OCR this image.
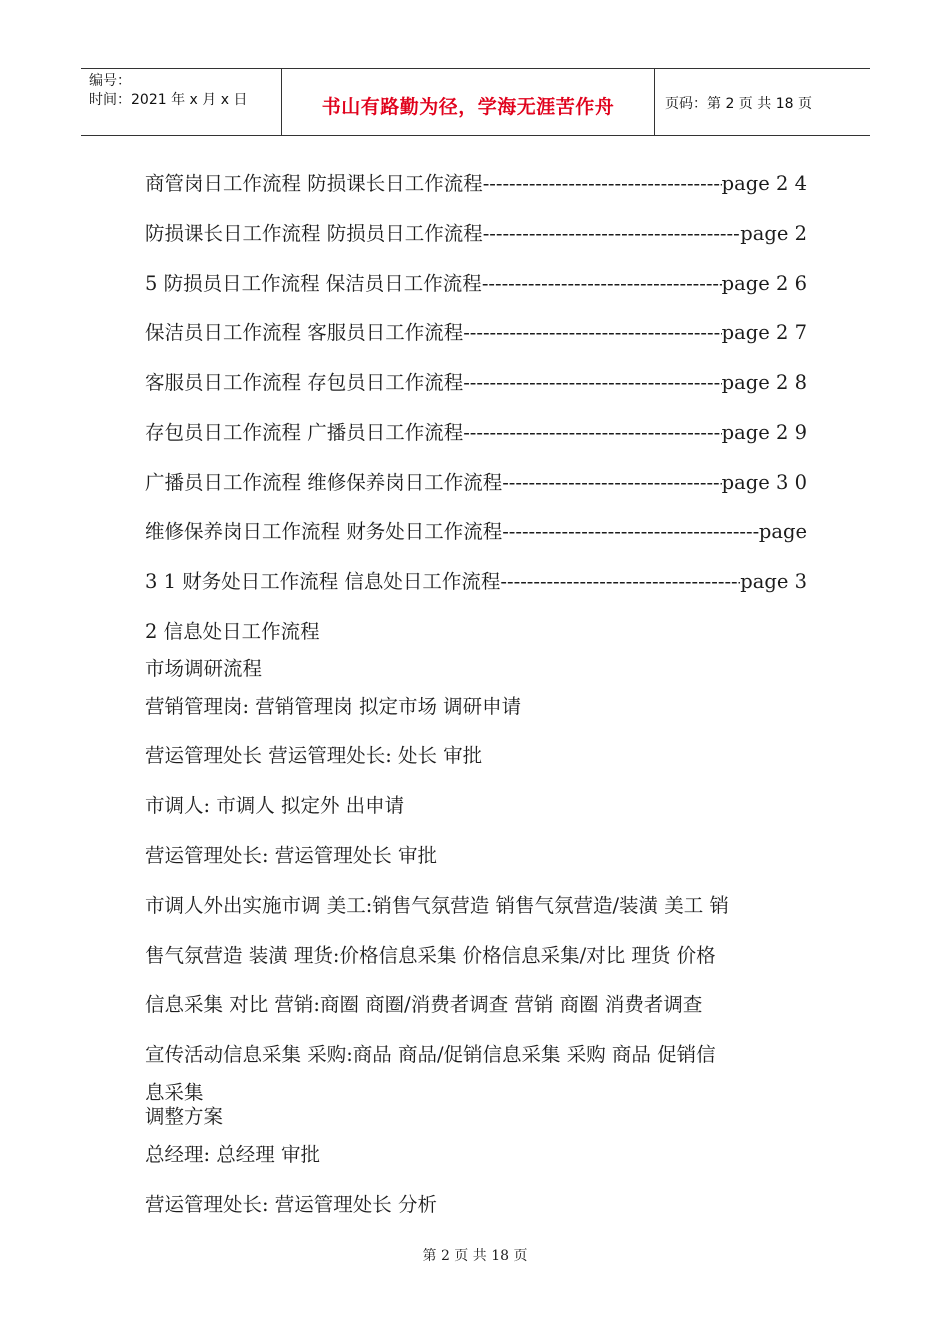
编号：
时间：2021 年 x 月 x 日	书山有路勤为径，学海无涯苦作舟	页码：第 2 页 共 18 页
商管岗日工作流程 防损课长日工作流程 -----	page 2 4
防损课长日工作流程 防损员日工作流程 -----	page 2
5 防损员日工作流程 保洁员日工作流程 -----	page 2 6
保洁员日工作流程 客服员日工作流程 -----	page 2 7
客服员日工作流程 存包员日工作流程 -----	page 2 8
存包员日工作流程 广播员日工作流程 -----	page 2 9
广播员日工作流程 维修保养岗日工作流程 -----	page 3 0
维修保养岗日工作流程 财务处日工作流程 -----	page
3 1 财务处日工作流程 信息处日工作流程 -----	page 3
2 信息处日工作流程
市场调研流程
营销管理岗: 营销管理岗 拟定市场 调研申请
营运管理处长 营运管理处长: 处长 审批
市调人: 市调人 拟定外 出申请
营运管理处长: 营运管理处长 审批
市调人外出实施市调 美工:销售气氛营造 销售气氛营造/装潢 美工 销
售气氛营造 装潢 理货:价格信息采集 价格信息采集/对比 理货 价格
信息采集 对比 营销:商圈 商圈/消费者调查 营销 商圈 消费者调查
宣传活动信息采集 采购:商品 商品/促销信息采集 采购 商品 促销信
息采集
调整方案
总经理: 总经理 审批
营运管理处长: 营运管理处长 分析
第 2 页 共 18 页
